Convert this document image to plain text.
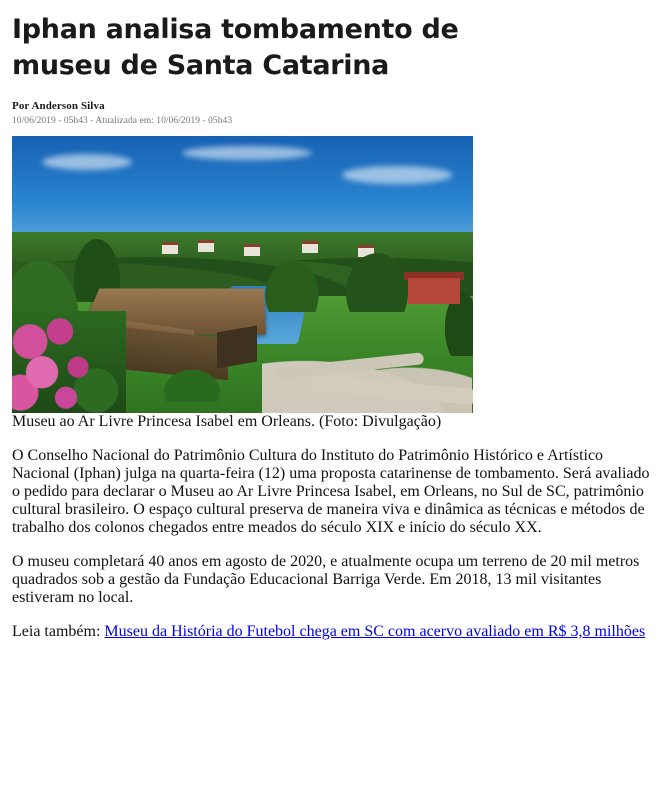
Iphan analisa tombamento de museu de Santa Catarina
Por Anderson Silva
10/06/2019 - 05h43 - Atualizada em: 10/06/2019 - 05h43
Museu ao Ar Livre Princesa Isabel em Orleans. (Foto: Divulgação)

O Conselho Nacional do Patrimônio Cultura do Instituto do Patrimônio Histórico e Artístico Nacional (Iphan) julga na quarta-feira (12) uma proposta catarinense de tombamento. Será avaliado o pedido para declarar o Museu ao Ar Livre Princesa Isabel, em Orleans, no Sul de SC, patrimônio cultural brasileiro. O espaço cultural preserva de maneira viva e dinâmica as técnicas e métodos de trabalho dos colonos chegados entre meados do século XIX e início do século XX.

O museu completará 40 anos em agosto de 2020, e atualmente ocupa um terreno de 20 mil metros quadrados sob a gestão da Fundação Educacional Barriga Verde. Em 2018, 13 mil visitantes estiveram no local.

Leia também: Museu da História do Futebol chega em SC com acervo avaliado em R$ 3,8 milhões
